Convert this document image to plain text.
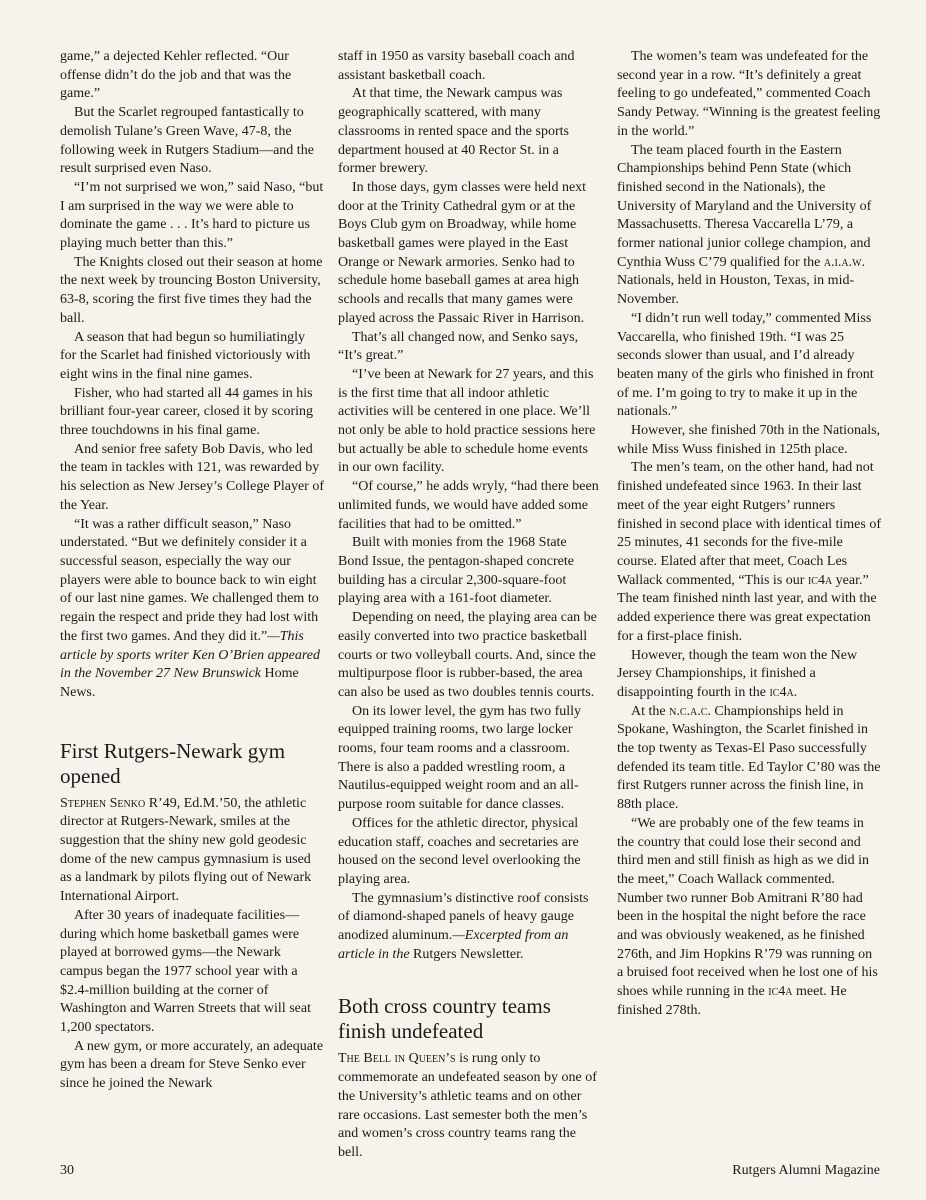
game,” a dejected Kehler reflected. “Our offense didn’t do the job and that was the game.”

But the Scarlet regrouped fantastically to demolish Tulane’s Green Wave, 47-8, the following week in Rutgers Stadium—and the result surprised even Naso.

“I’m not surprised we won,” said Naso, “but I am surprised in the way we were able to dominate the game . . . It’s hard to picture us playing much better than this.”

The Knights closed out their season at home the next week by trouncing Boston University, 63-8, scoring the first five times they had the ball.

A season that had begun so humiliatingly for the Scarlet had finished victoriously with eight wins in the final nine games.

Fisher, who had started all 44 games in his brilliant four-year career, closed it by scoring three touchdowns in his final game.

And senior free safety Bob Davis, who led the team in tackles with 121, was rewarded by his selection as New Jersey’s College Player of the Year.

“It was a rather difficult season,” Naso understated. “But we definitely consider it a successful season, especially the way our players were able to bounce back to win eight of our last nine games. We challenged them to regain the respect and pride they had lost with the first two games. And they did it.”—This article by sports writer Ken O’Brien appeared in the November 27 New Brunswick Home News.

First Rutgers-Newark gym opened

Stephen Senko R’49, Ed.M.’50, the athletic director at Rutgers-Newark, smiles at the suggestion that the shiny new gold geodesic dome of the new campus gymnasium is used as a landmark by pilots flying out of Newark International Airport.

After 30 years of inadequate facilities—during which home basketball games were played at borrowed gyms—the Newark campus began the 1977 school year with a $2.4-million building at the corner of Washington and Warren Streets that will seat 1,200 spectators.

A new gym, or more accurately, an adequate gym has been a dream for Steve Senko ever since he joined the Newark

staff in 1950 as varsity baseball coach and assistant basketball coach.

At that time, the Newark campus was geographically scattered, with many classrooms in rented space and the sports department housed at 40 Rector St. in a former brewery.

In those days, gym classes were held next door at the Trinity Cathedral gym or at the Boys Club gym on Broadway, while home basketball games were played in the East Orange or Newark armories. Senko had to schedule home baseball games at area high schools and recalls that many games were played across the Passaic River in Harrison.

That’s all changed now, and Senko says, “It’s great.”

“I’ve been at Newark for 27 years, and this is the first time that all indoor athletic activities will be centered in one place. We’ll not only be able to hold practice sessions here but actually be able to schedule home events in our own facility.

“Of course,” he adds wryly, “had there been unlimited funds, we would have added some facilities that had to be omitted.”

Built with monies from the 1968 State Bond Issue, the pentagon-shaped concrete building has a circular 2,300-square-foot playing area with a 161-foot diameter.

Depending on need, the playing area can be easily converted into two practice basketball courts or two volleyball courts. And, since the multipurpose floor is rubber-based, the area can also be used as two doubles tennis courts.

On its lower level, the gym has two fully equipped training rooms, two large locker rooms, four team rooms and a classroom. There is also a padded wrestling room, a Nautilus-equipped weight room and an all-purpose room suitable for dance classes.

Offices for the athletic director, physical education staff, coaches and secretaries are housed on the second level overlooking the playing area.

The gymnasium’s distinctive roof consists of diamond-shaped panels of heavy gauge anodized aluminum.—Excerpted from an article in the Rutgers Newsletter.

Both cross country teams finish undefeated

The Bell in Queen’s is rung only to commemorate an undefeated season by one of the University’s athletic teams and on other rare occasions. Last semester both the men’s and women’s cross country teams rang the bell.

The women’s team was undefeated for the second year in a row. “It’s definitely a great feeling to go undefeated,” commented Coach Sandy Petway. “Winning is the greatest feeling in the world.”

The team placed fourth in the Eastern Championships behind Penn State (which finished second in the Nationals), the University of Maryland and the University of Massachusetts. Theresa Vaccarella L’79, a former national junior college champion, and Cynthia Wuss C’79 qualified for the a.i.a.w. Nationals, held in Houston, Texas, in mid-November.

“I didn’t run well today,” commented Miss Vaccarella, who finished 19th. “I was 25 seconds slower than usual, and I’d already beaten many of the girls who finished in front of me. I’m going to try to make it up in the nationals.”

However, she finished 70th in the Nationals, while Miss Wuss finished in 125th place.

The men’s team, on the other hand, had not finished undefeated since 1963. In their last meet of the year eight Rutgers’ runners finished in second place with identical times of 25 minutes, 41 seconds for the five-mile course. Elated after that meet, Coach Les Wallack commented, “This is our ic4a year.” The team finished ninth last year, and with the added experience there was great expectation for a first-place finish.

However, though the team won the New Jersey Championships, it finished a disappointing fourth in the ic4a.

At the n.c.a.c. Championships held in Spokane, Washington, the Scarlet finished in the top twenty as Texas-El Paso successfully defended its team title. Ed Taylor C’80 was the first Rutgers runner across the finish line, in 88th place.

“We are probably one of the few teams in the country that could lose their second and third men and still finish as high as we did in the meet,” Coach Wallack commented. Number two runner Bob Amitrani R’80 had been in the hospital the night before the race and was obviously weakened, as he finished 276th, and Jim Hopkins R’79 was running on a bruised foot received when he lost one of his shoes while running in the ic4a meet. He finished 278th.

30	Rutgers Alumni Magazine
